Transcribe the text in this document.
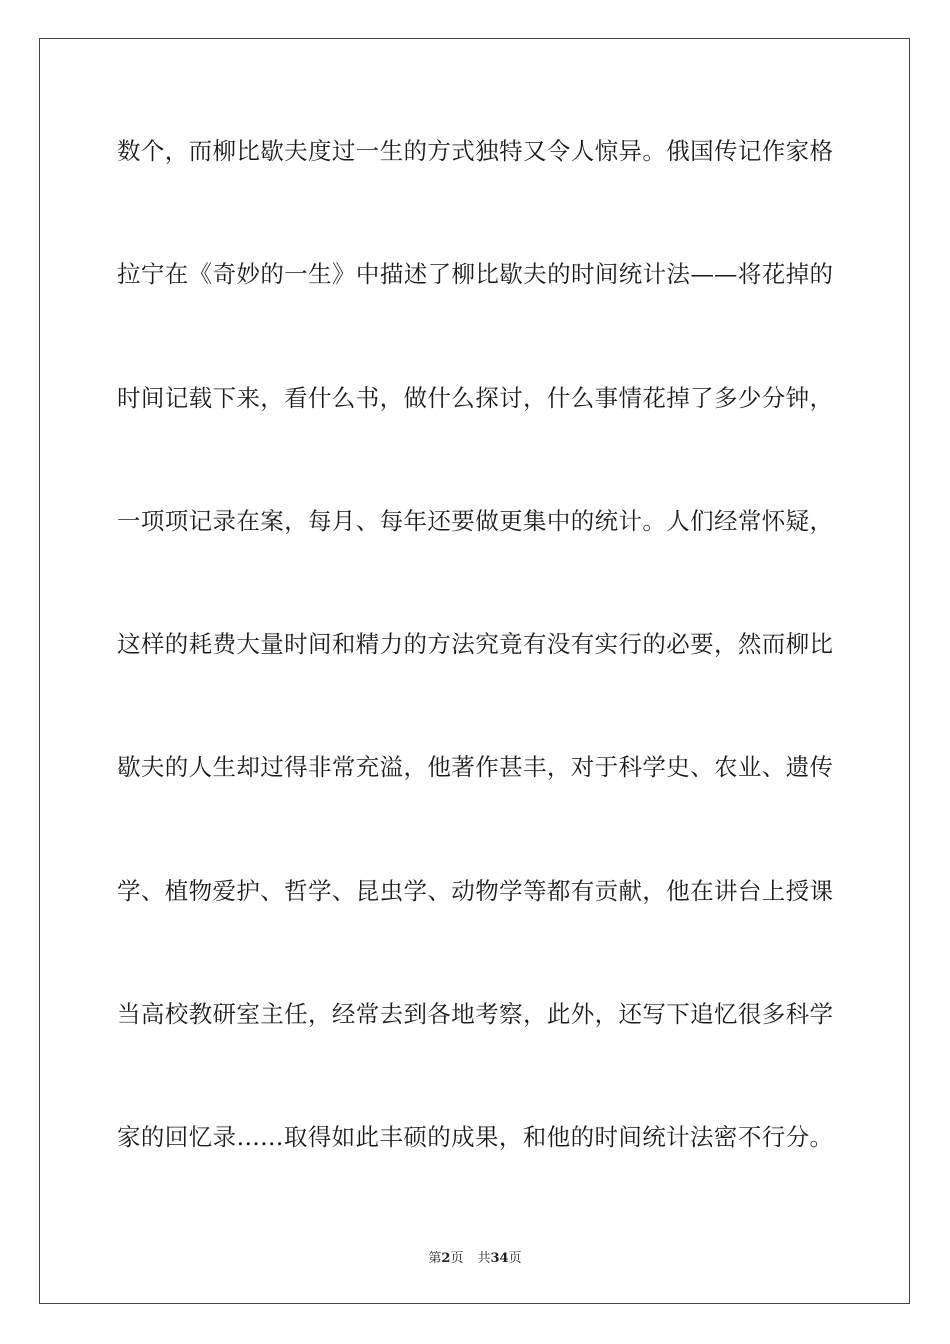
数个，而柳比歇夫度过一生的方式独特又令人惊异。俄国传记作家格
拉宁在《奇妙的一生》中描述了柳比歇夫的时间统计法——将花掉的
时间记载下来，看什么书，做什么探讨，什么事情花掉了多少分钟，
一项项记录在案，每月、每年还要做更集中的统计。人们经常怀疑，
这样的耗费大量时间和精力的方法究竟有没有实行的必要，然而柳比
歇夫的人生却过得非常充溢，他著作甚丰，对于科学史、农业、遗传
学、植物爱护、哲学、昆虫学、动物学等都有贡献，他在讲台上授课
当高校教研室主任，经常去到各地考察，此外，还写下追忆很多科学
家的回忆录……取得如此丰硕的成果，和他的时间统计法密不行分。
第2页 共34页
